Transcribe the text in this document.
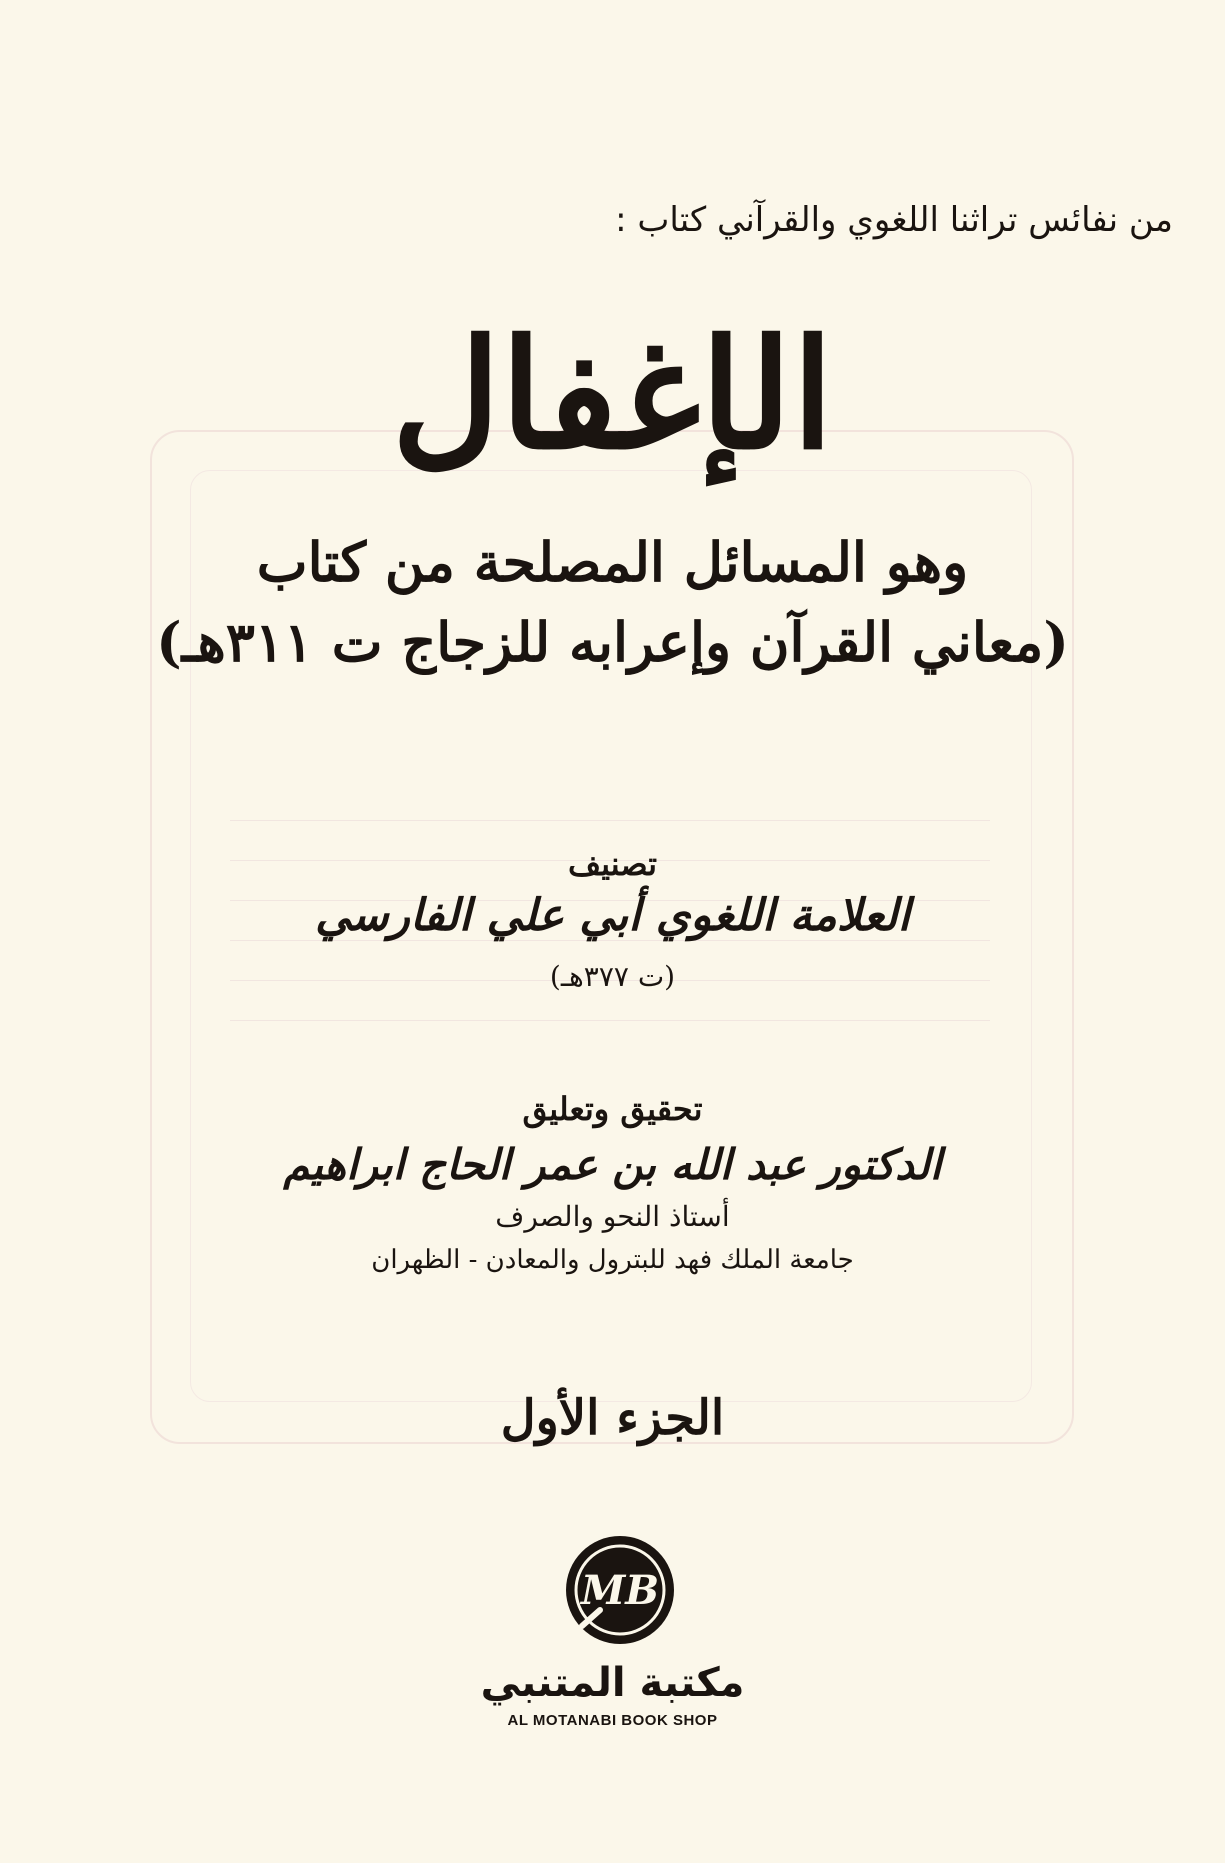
من نفائس تراثنا اللغوي والقرآني كتاب :
الإغفال
وهو المسائل المصلحة من كتاب
(معاني القرآن وإعرابه للزجاج ت ٣١١هـ)
تصنيف
العلامة اللغوي أبي علي الفارسي
(ت ٣٧٧هـ)
تحقيق وتعليق
الدكتور عبد الله بن عمر الحاج ابراهيم
أستاذ النحو والصرف
جامعة الملك فهد للبترول والمعادن - الظهران
الجزء الأول
MB
مكتبة المتنبي
AL MOTANABI BOOK SHOP
